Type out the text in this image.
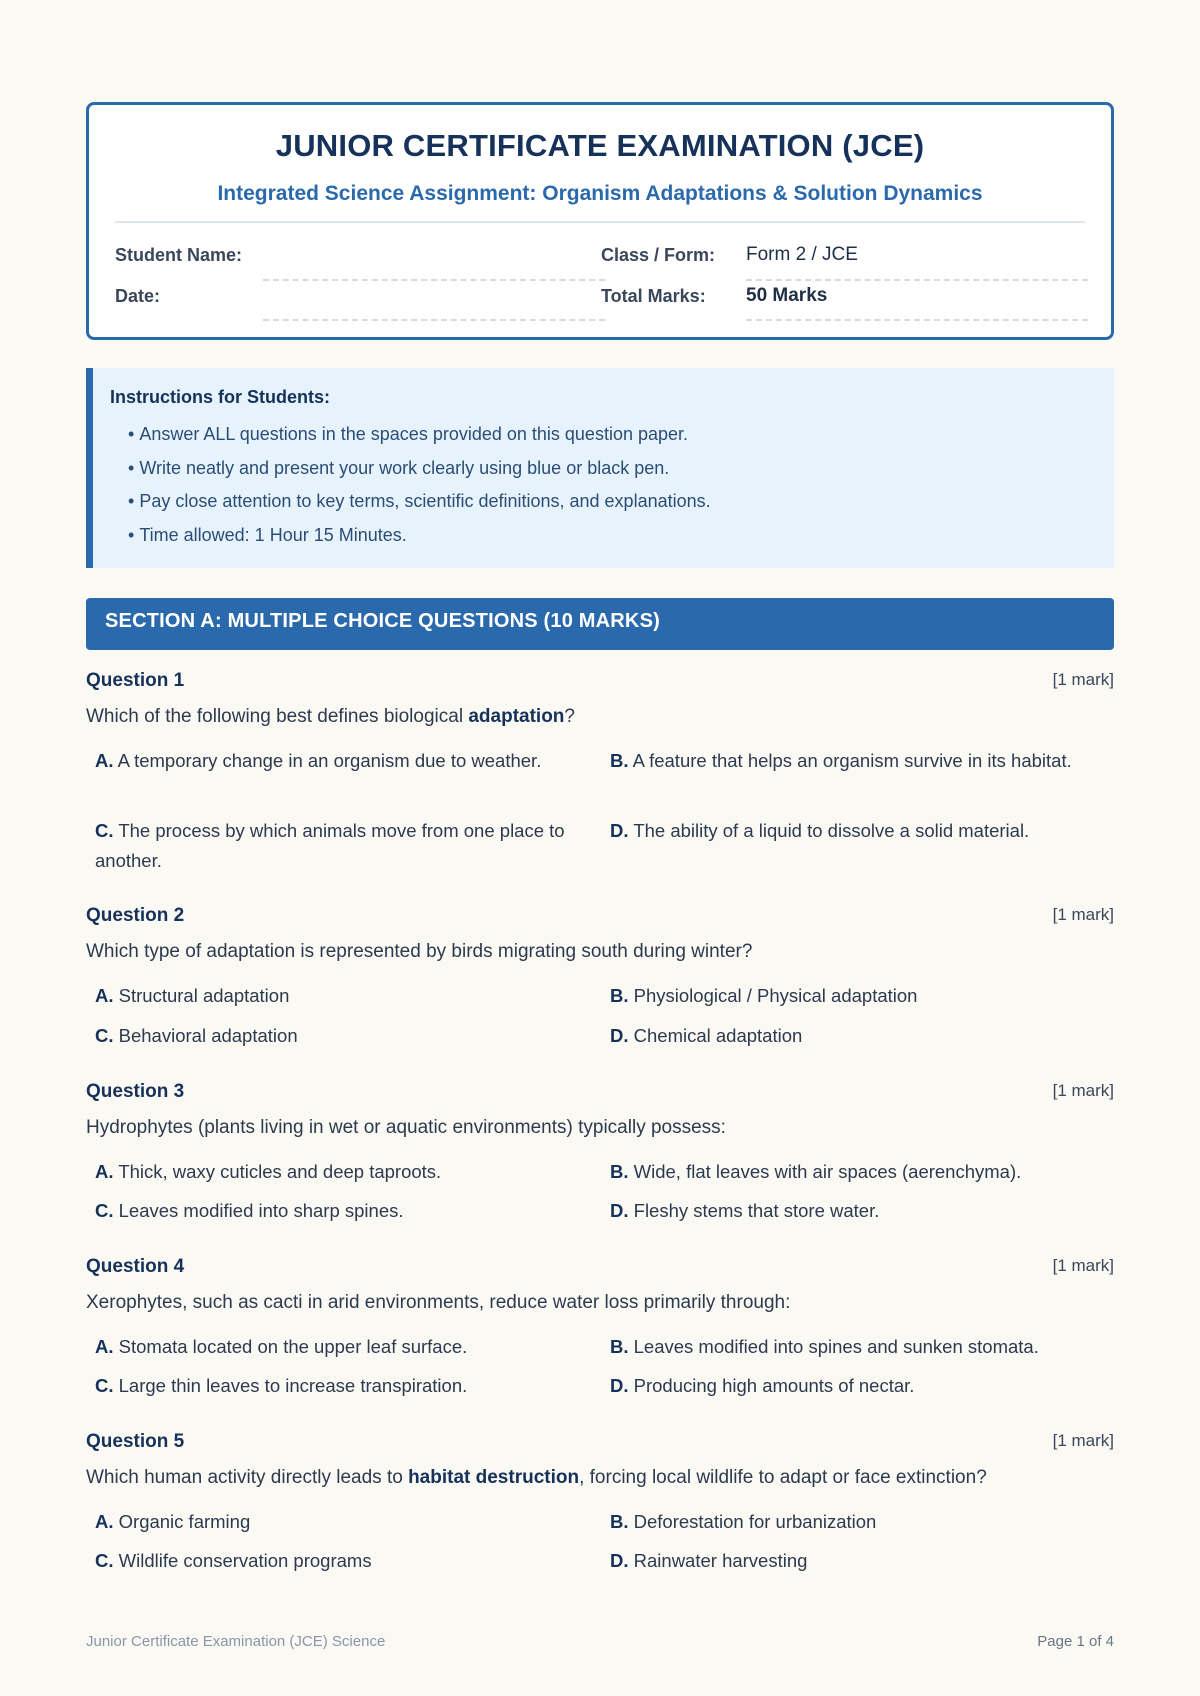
JUNIOR CERTIFICATE EXAMINATION (JCE)
Integrated Science Assignment: Organism Adaptations & Solution Dynamics
Student Name:	Class / Form: Form 2 / JCE
Date:	Total Marks: 50 Marks
Instructions for Students:
• Answer ALL questions in the spaces provided on this question paper.
• Write neatly and present your work clearly using blue or black pen.
• Pay close attention to key terms, scientific definitions, and explanations.
• Time allowed: 1 Hour 15 Minutes.
SECTION A: MULTIPLE CHOICE QUESTIONS (10 MARKS)
Question 1	[1 mark]
Which of the following best defines biological adaptation?
A. A temporary change in an organism due to weather.	B. A feature that helps an organism survive in its habitat.
C. The process by which animals move from one place to another.
D. The ability of a liquid to dissolve a solid material.
Question 2	[1 mark]
Which type of adaptation is represented by birds migrating south during winter?
A. Structural adaptation	B. Physiological / Physical adaptation
C. Behavioral adaptation	D. Chemical adaptation
Question 3	[1 mark]
Hydrophytes (plants living in wet or aquatic environments) typically possess:
A. Thick, waxy cuticles and deep taproots.	B. Wide, flat leaves with air spaces (aerenchyma).
C. Leaves modified into sharp spines.	D. Fleshy stems that store water.
Question 4	[1 mark]
Xerophytes, such as cacti in arid environments, reduce water loss primarily through:
A. Stomata located on the upper leaf surface.	B. Leaves modified into spines and sunken stomata.
C. Large thin leaves to increase transpiration.	D. Producing high amounts of nectar.
Question 5	[1 mark]
Which human activity directly leads to habitat destruction, forcing local wildlife to adapt or face extinction?
A. Organic farming	B. Deforestation for urbanization
C. Wildlife conservation programs	D. Rainwater harvesting
Junior Certificate Examination (JCE) Science	Page 1 of 4
